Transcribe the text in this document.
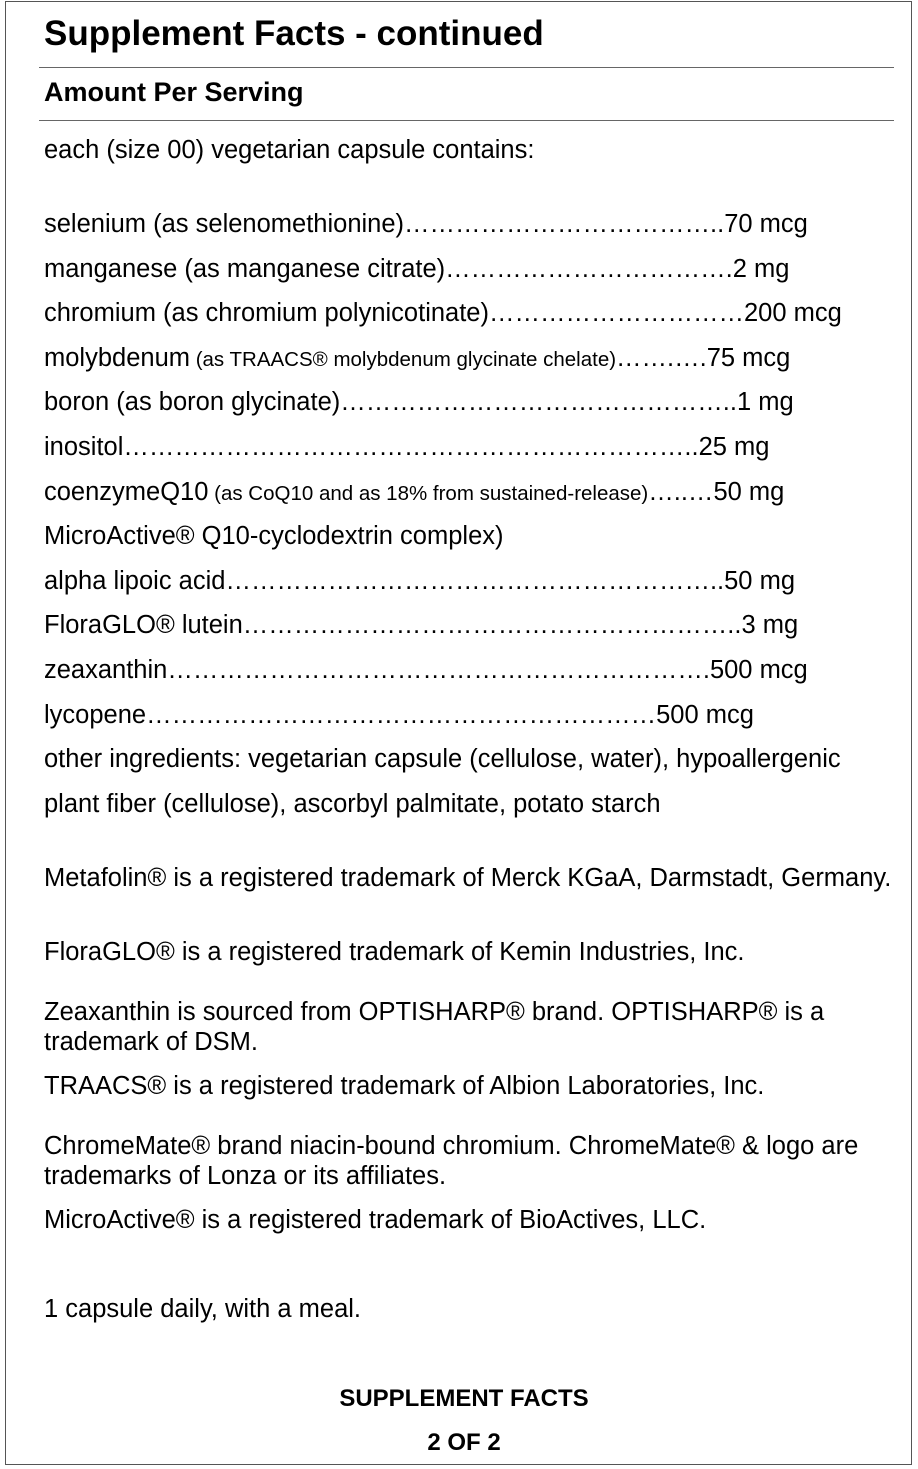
Supplement Facts - continued
Amount Per Serving
each (size 00) vegetarian capsule contains:
selenium (as selenomethionine)………………………………..70 mcg
manganese (as manganese citrate)…………………………….2 mg
chromium (as chromium polynicotinate)…………………………200 mcg
molybdenum (as TRAACS® molybdenum glycinate chelate)…….….75 mcg
boron (as boron glycinate)………………………………………..1 mg
inositol…………………………………………………………..25 mg
coenzymeQ10 (as CoQ10 and as 18% from sustained-release)…..…50 mg
MicroActive® Q10-cyclodextrin complex)
alpha lipoic acid…………………………………………………..50 mg
FloraGLO® lutein…………………………………………………..3 mg
zeaxanthin……………………………………………………….500 mcg
lycopene……………………………………………………500 mcg
other ingredients: vegetarian capsule (cellulose, water), hypoallergenic
plant fiber (cellulose), ascorbyl palmitate, potato starch
Metafolin® is a registered trademark of Merck KGaA, Darmstadt, Germany.
FloraGLO® is a registered trademark of Kemin Industries, Inc.
Zeaxanthin is sourced from OPTISHARP® brand. OPTISHARP® is a trademark of DSM.
TRAACS® is a registered trademark of Albion Laboratories, Inc.
ChromeMate® brand niacin-bound chromium. ChromeMate® & logo are trademarks of Lonza or its affiliates.
MicroActive® is a registered trademark of BioActives, LLC.
1 capsule daily, with a meal.
SUPPLEMENT FACTS
2 OF 2
